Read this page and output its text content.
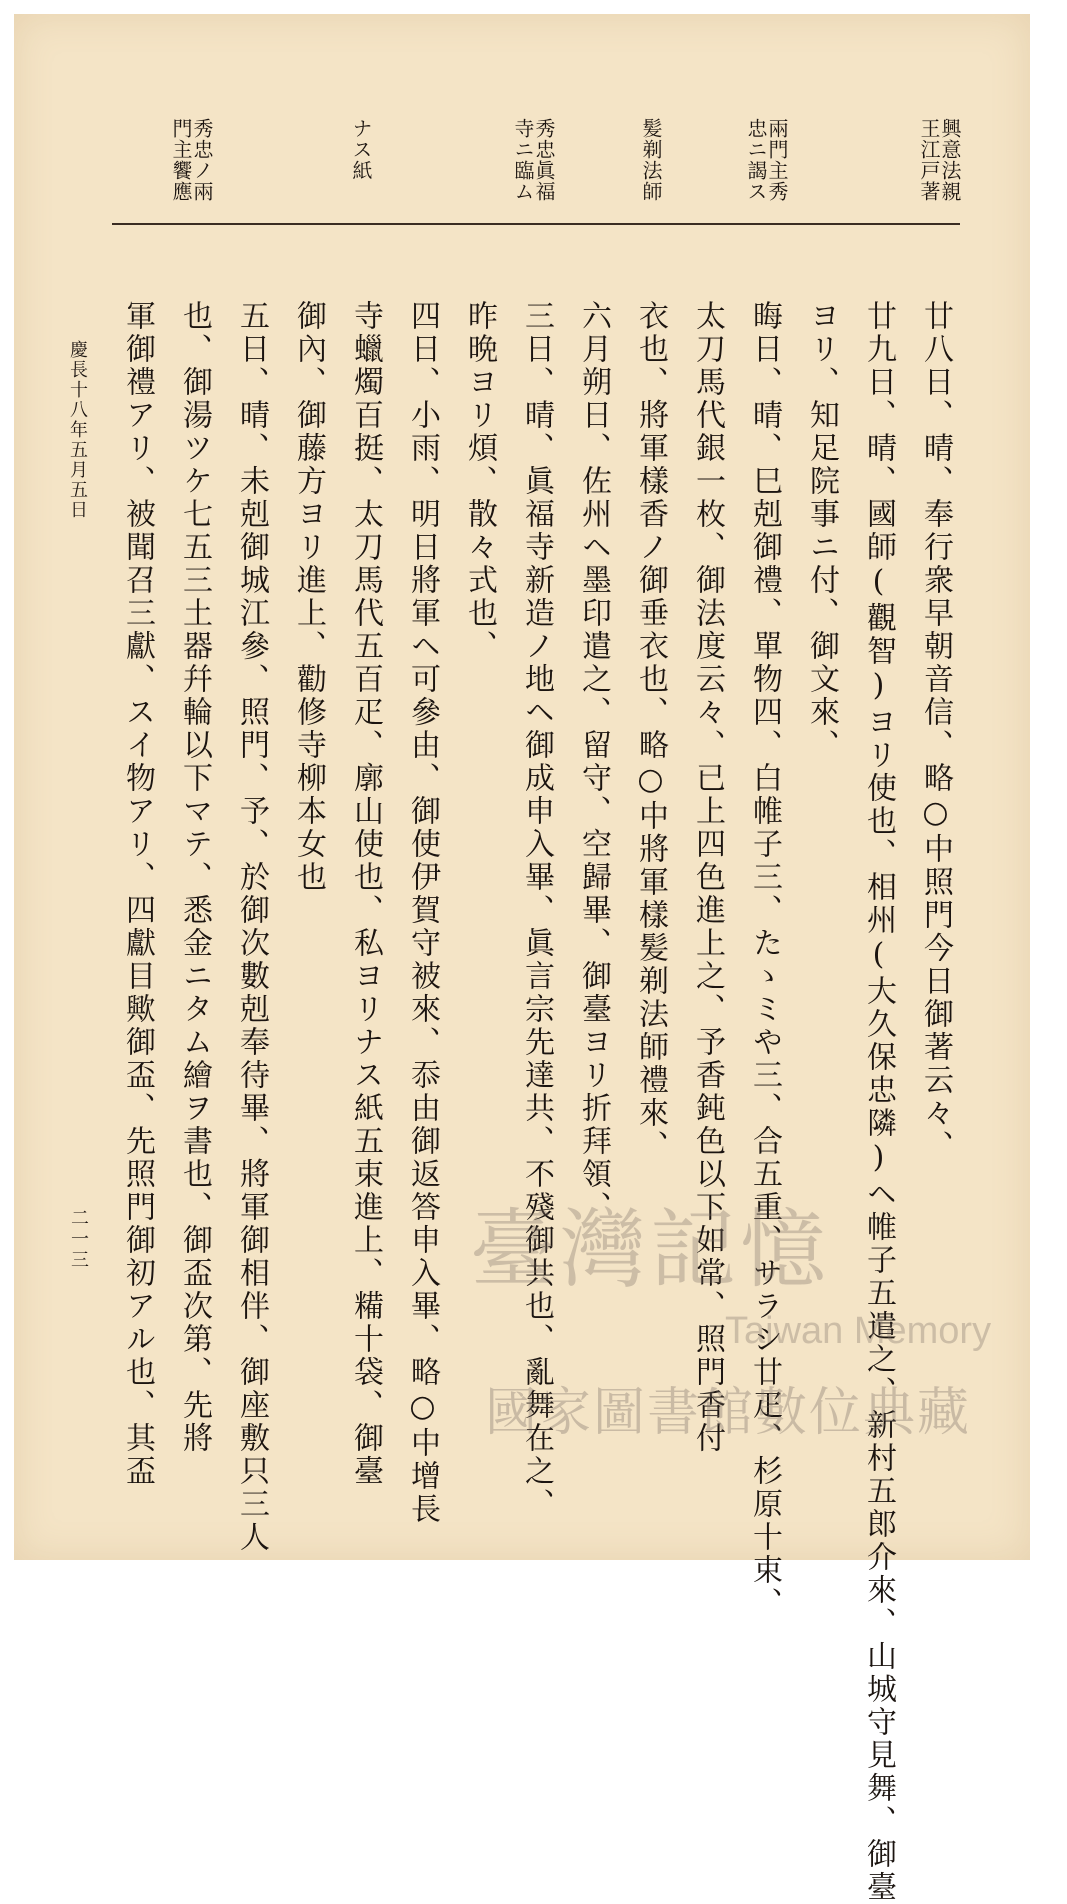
興意法親
王江戸著
兩門主秀
忠ニ謁ス
髪剃法師
秀忠眞福
寺ニ臨ム
ナス紙
秀忠ノ兩
門主饗應
廿八日、晴、奉行衆早朝音信、略○中照門今日御著云々、
廿九日、晴、國師(觀智)ヨリ使也、相州(大久保忠隣)ヘ帷子五遣之、新村五郎介來、山城守見舞、御臺
ヨリ、知足院事ニ付、御文來、
晦日、晴、巳剋御禮、單物四、白帷子三、たゝミや三、合五重、サラシ廿疋、杉原十束、
太刀馬代銀一枚、御法度云々、已上四色進上之、予香鈍色以下如常、照門香付
衣也、將軍樣香ノ御垂衣也、略○中將軍樣髪剃法師禮來、
六月朔日、佐州ヘ墨印遣之、留守、空歸畢、御臺ヨリ折拜領、
三日、晴、眞福寺新造ノ地ヘ御成申入畢、眞言宗先達共、不殘御共也、亂舞在之、
昨晩ヨリ煩、散々式也、
四日、小雨、明日將軍ヘ可參由、御使伊賀守被來、忝由御返答申入畢、略○中增長
寺蠟燭百挺、太刀馬代五百疋、廓山使也、私ヨリナス紙五束進上、糒十袋、御臺
御內、御藤方ヨリ進上、勸修寺柳本女也
五日、晴、未剋御城江參、照門、予、於御次數剋奉待畢、將軍御相伴、御座敷只三人
也、御湯ツケ七五三土器幷輪以下マテ、悉金ニタム繪ヲ書也、御盃次第、先將
軍御禮アリ、被聞召三獻、スイ物アリ、四獻目歟御盃、先照門御初アル也、其盃
慶長十八年五月五日
二一三	臺灣記憶
Taiwan Memory
國家圖書館數位典藏
